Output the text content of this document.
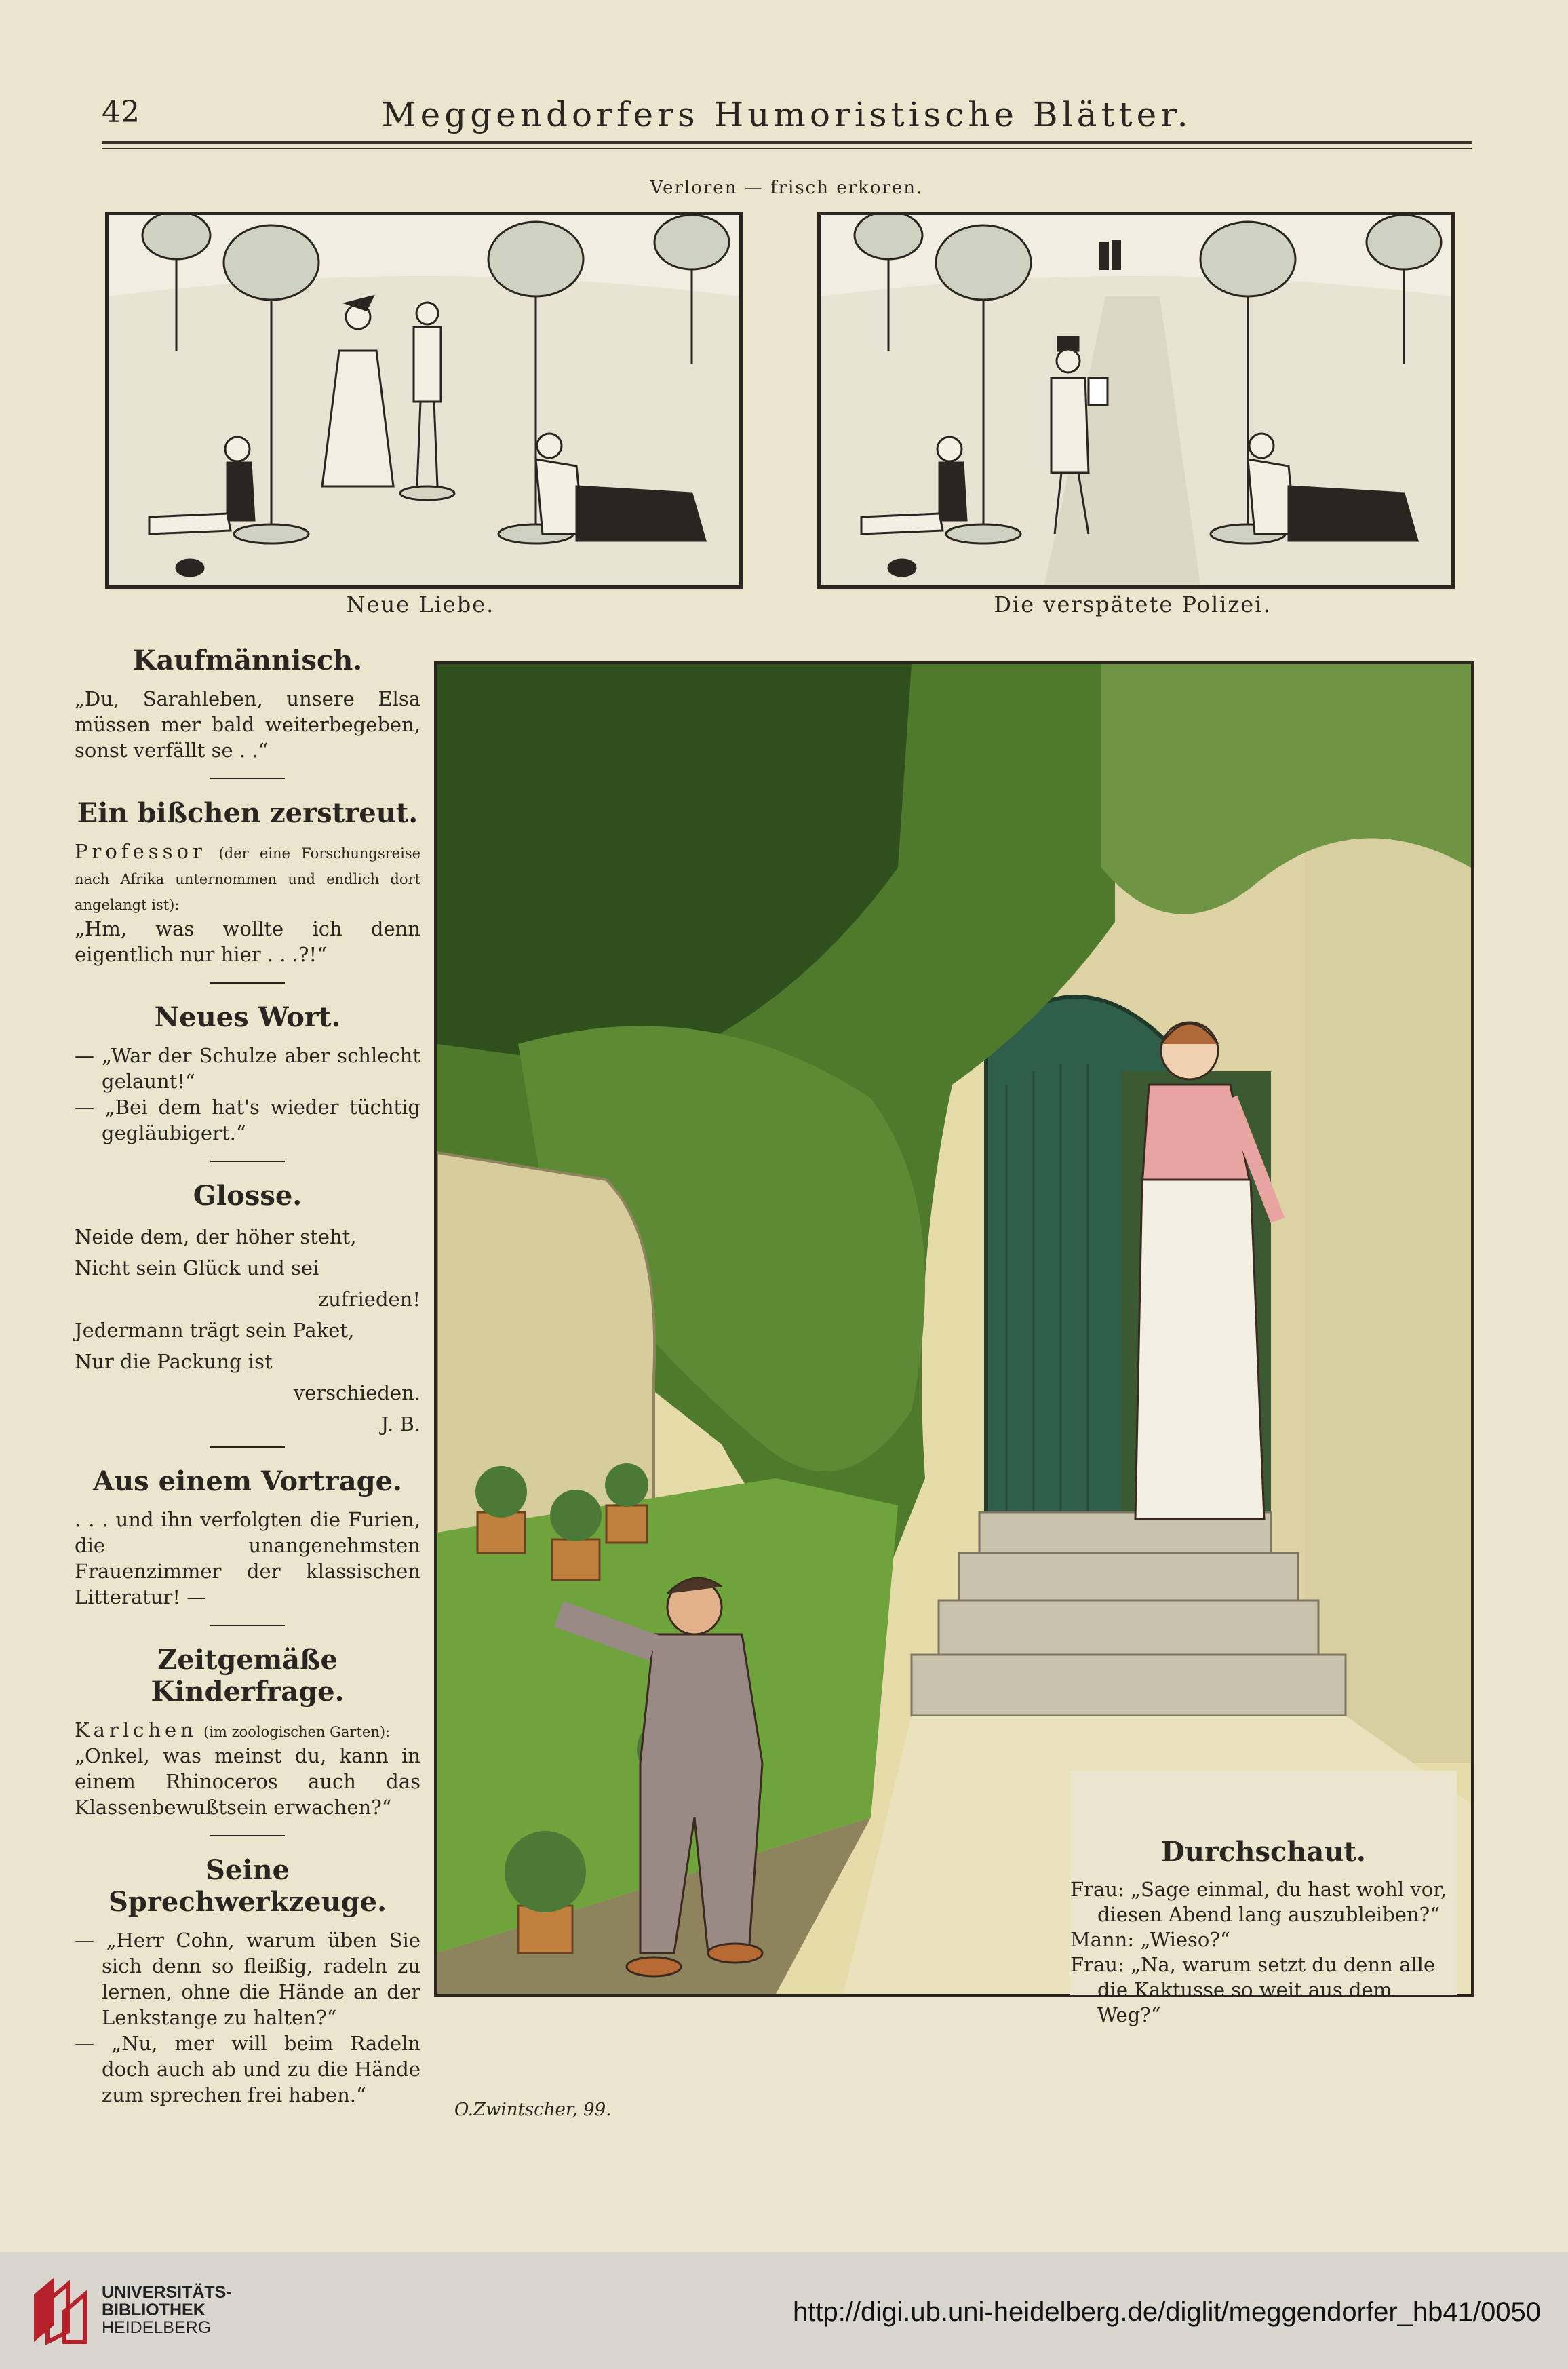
42	Meggendorfers Humoristische Blätter.
Verloren — frisch erkoren.
Neue Liebe.	Die verspätete Polizei.
Kaufmännisch.

„Du, Sarahleben, unsere Elsa müssen mer bald weiterbegeben, sonst verfällt se . .“

Ein bißchen zerstreut.

Professor (der eine Forschungsreise nach Afrika unternommen und endlich dort angelangt ist):

„Hm, was wollte ich denn eigentlich nur hier . . .?!“

Neues Wort.

— „War der Schulze aber schlecht gelaunt!“

— „Bei dem hat's wieder tüchtig gegläubigert.“

Glosse.

Neide dem, der höher steht,

Nicht sein Glück und sei

zufrieden!

Jedermann trägt sein Paket,

Nur die Packung ist

verschieden.

J. B.

Aus einem Vortrage.

. . . und ihn verfolgten die Furien, die unangenehmsten Frauenzimmer der klassischen Litteratur! —

Zeitgemäße Kinderfrage.

Karlchen (im zoologischen Garten):

„Onkel, was meinst du, kann in einem Rhinoceros auch das Klassenbewußtsein erwachen?“

Seine Sprechwerkzeuge.

— „Herr Cohn, warum üben Sie sich denn so fleißig, radeln zu lernen, ohne die Hände an der Lenkstange zu halten?“

— „Nu, mer will beim Radeln doch auch ab und zu die Hände zum sprechen frei haben.“

O.Zwintscher, 99.
Durchschaut.

Frau: „Sage einmal, du hast wohl vor, diesen Abend lang auszubleiben?“

Mann: „Wieso?“

Frau: „Na, warum setzt du denn alle die Kaktusse so weit aus dem Weg?“

UNIVERSITÄTS-
BIBLIOTHEK
HEIDELBERG
http://digi.ub.uni-heidelberg.de/diglit/meggendorfer_hb41/0050
